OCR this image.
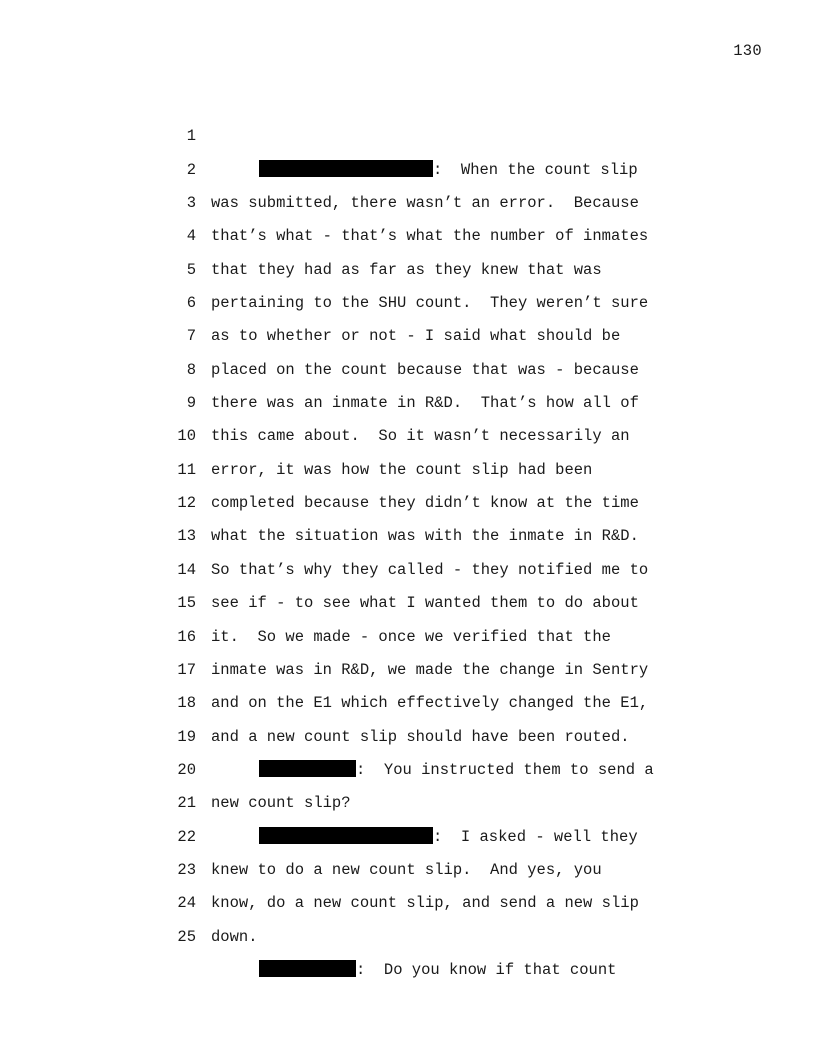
130

1

:  When the count slip

2

was submitted, there wasn’t an error.  Because

3

that’s what - that’s what the number of inmates

4

that they had as far as they knew that was

5

pertaining to the SHU count.  They weren’t sure

6

as to whether or not - I said what should be

7

placed on the count because that was - because

8

there was an inmate in R&D.  That’s how all of

9

this came about.  So it wasn’t necessarily an

10

error, it was how the count slip had been

11

completed because they didn’t know at the time

12

what the situation was with the inmate in R&D.

13

So that’s why they called - they notified me to

14

see if - to see what I wanted them to do about

15

it.  So we made - once we verified that the

16

inmate was in R&D, we made the change in Sentry

17

and on the E1 which effectively changed the E1,

18

and a new count slip should have been routed.

19

:  You instructed them to send a

20

new count slip?

21

:  I asked - well they

22

knew to do a new count slip.  And yes, you

23

know, do a new count slip, and send a new slip

24

down.

25

:  Do you know if that count
